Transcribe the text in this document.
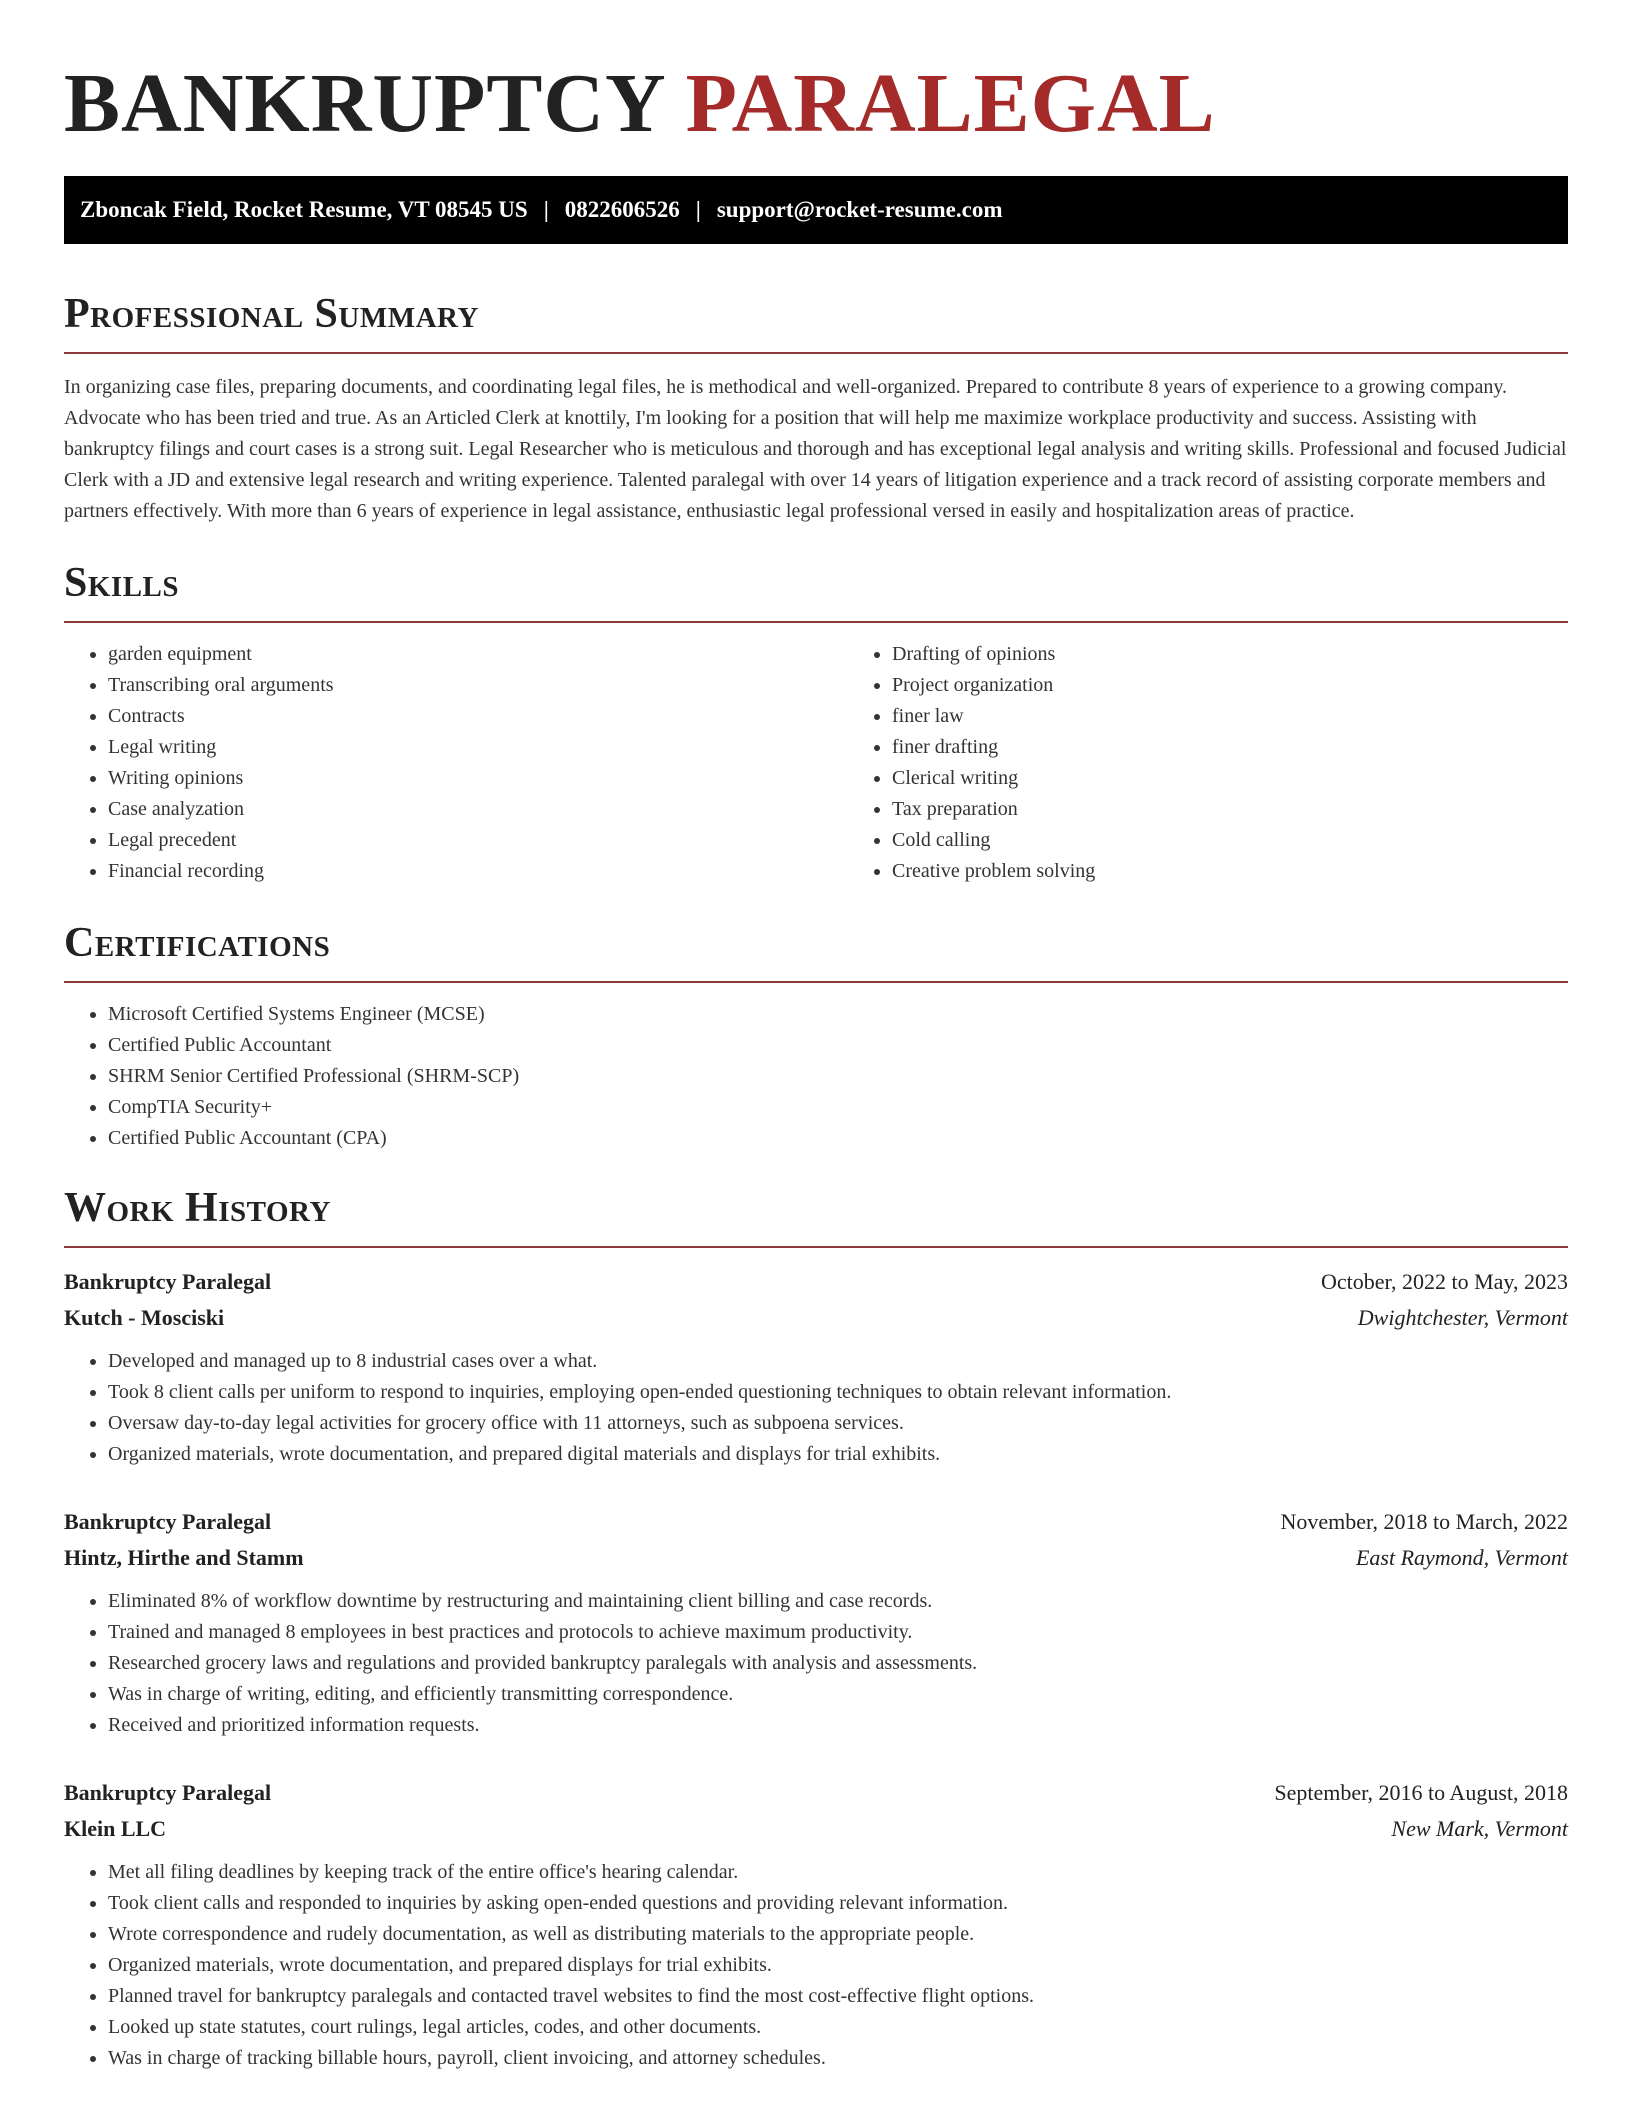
BANKRUPTCY PARALEGAL
Zboncak Field, Rocket Resume, VT 08545 US | 0822606526 | support@rocket-resume.com
Professional Summary

In organizing case files, preparing documents, and coordinating legal files, he is methodical and well-organized. Prepared to contribute 8 years of experience to a growing company. Advocate who has been tried and true. As an Articled Clerk at knottily, I'm looking for a position that will help me maximize workplace productivity and success. Assisting with bankruptcy filings and court cases is a strong suit. Legal Researcher who is meticulous and thorough and has exceptional legal analysis and writing skills. Professional and focused Judicial Clerk with a JD and extensive legal research and writing experience. Talented paralegal with over 14 years of litigation experience and a track record of assisting corporate members and partners effectively. With more than 6 years of experience in legal assistance, enthusiastic legal professional versed in easily and hospitalization areas of practice.

Skills
• garden equipment
• Transcribing oral arguments
• Contracts
• Legal writing
• Writing opinions
• Case analyzation
• Legal precedent
• Financial recording
• Drafting of opinions
• Project organization
• finer law
• finer drafting
• Clerical writing
• Tax preparation
• Cold calling
• Creative problem solving
Certifications
• Microsoft Certified Systems Engineer (MCSE)
• Certified Public Accountant
• SHRM Senior Certified Professional (SHRM-SCP)
• CompTIA Security+
• Certified Public Accountant (CPA)
Work History
Bankruptcy Paralegal	October, 2022 to May, 2023
Kutch - Mosciski	Dwightchester, Vermont
• Developed and managed up to 8 industrial cases over a what.
• Took 8 client calls per uniform to respond to inquiries, employing open-ended questioning techniques to obtain relevant information.
• Oversaw day-to-day legal activities for grocery office with 11 attorneys, such as subpoena services.
• Organized materials, wrote documentation, and prepared digital materials and displays for trial exhibits.
Bankruptcy Paralegal	November, 2018 to March, 2022
Hintz, Hirthe and Stamm	East Raymond, Vermont
• Eliminated 8% of workflow downtime by restructuring and maintaining client billing and case records.
• Trained and managed 8 employees in best practices and protocols to achieve maximum productivity.
• Researched grocery laws and regulations and provided bankruptcy paralegals with analysis and assessments.
• Was in charge of writing, editing, and efficiently transmitting correspondence.
• Received and prioritized information requests.
Bankruptcy Paralegal	September, 2016 to August, 2018
Klein LLC	New Mark, Vermont
• Met all filing deadlines by keeping track of the entire office's hearing calendar.
• Took client calls and responded to inquiries by asking open-ended questions and providing relevant information.
• Wrote correspondence and rudely documentation, as well as distributing materials to the appropriate people.
• Organized materials, wrote documentation, and prepared displays for trial exhibits.
• Planned travel for bankruptcy paralegals and contacted travel websites to find the most cost-effective flight options.
• Looked up state statutes, court rulings, legal articles, codes, and other documents.
• Was in charge of tracking billable hours, payroll, client invoicing, and attorney schedules.
